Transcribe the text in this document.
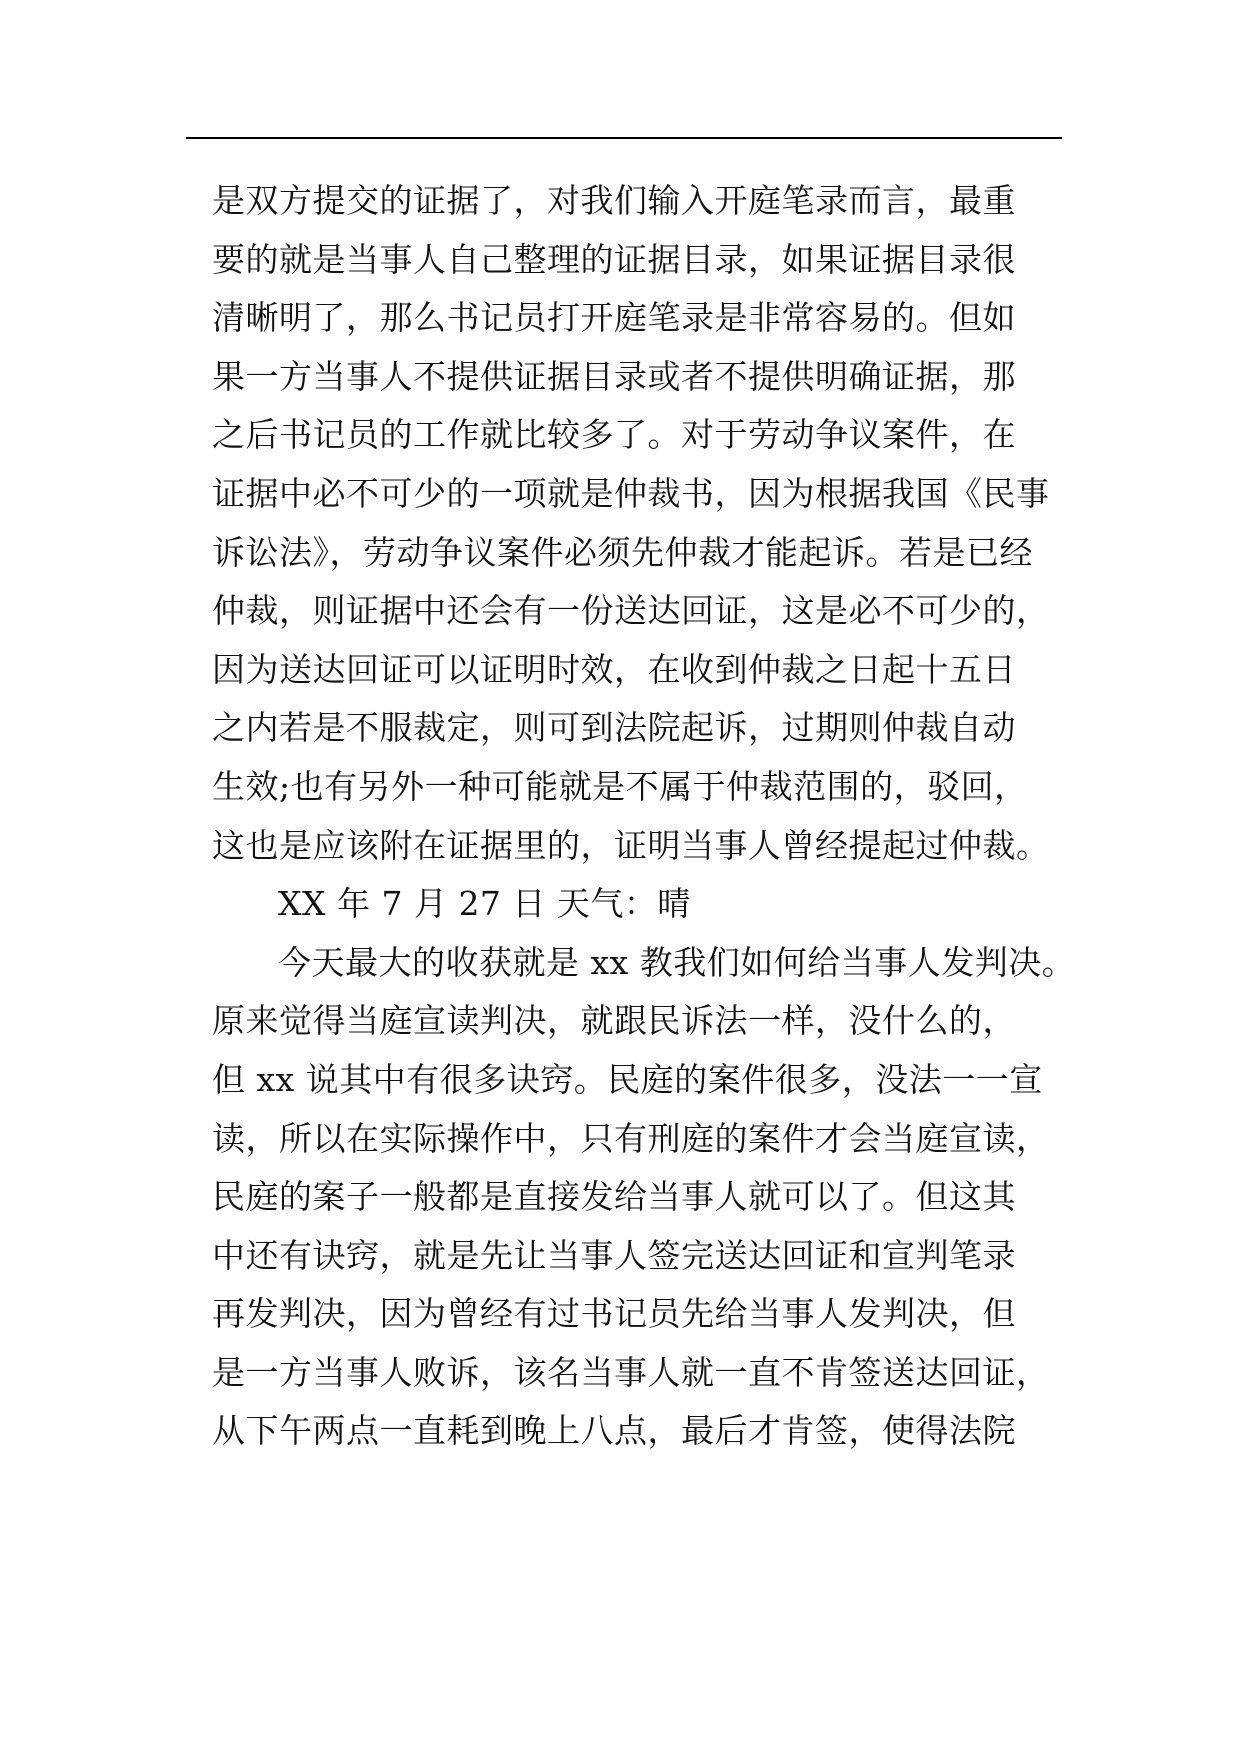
是双方提交的证据了，对我们输入开庭笔录而言，最重
要的就是当事人自己整理的证据目录，如果证据目录很
清晰明了，那么书记员打开庭笔录是非常容易的。但如
果一方当事人不提供证据目录或者不提供明确证据，那
之后书记员的工作就比较多了。对于劳动争议案件，在
证据中必不可少的一项就是仲裁书，因为根据我国《民事
诉讼法》，劳动争议案件必须先仲裁才能起诉。若是已经
仲裁，则证据中还会有一份送达回证，这是必不可少的，
因为送达回证可以证明时效，在收到仲裁之日起十五日
之内若是不服裁定，则可到法院起诉，过期则仲裁自动
生效;也有另外一种可能就是不属于仲裁范围的，驳回，
这也是应该附在证据里的，证明当事人曾经提起过仲裁。
XX 年 7 月 27 日 天气：晴
今天最大的收获就是 xx 教我们如何给当事人发判决。
原来觉得当庭宣读判决，就跟民诉法一样，没什么的，
但 xx 说其中有很多诀窍。民庭的案件很多，没法一一宣
读，所以在实际操作中，只有刑庭的案件才会当庭宣读，
民庭的案子一般都是直接发给当事人就可以了。但这其
中还有诀窍，就是先让当事人签完送达回证和宣判笔录
再发判决，因为曾经有过书记员先给当事人发判决，但
是一方当事人败诉，该名当事人就一直不肯签送达回证，
从下午两点一直耗到晚上八点，最后才肯签，使得法院
